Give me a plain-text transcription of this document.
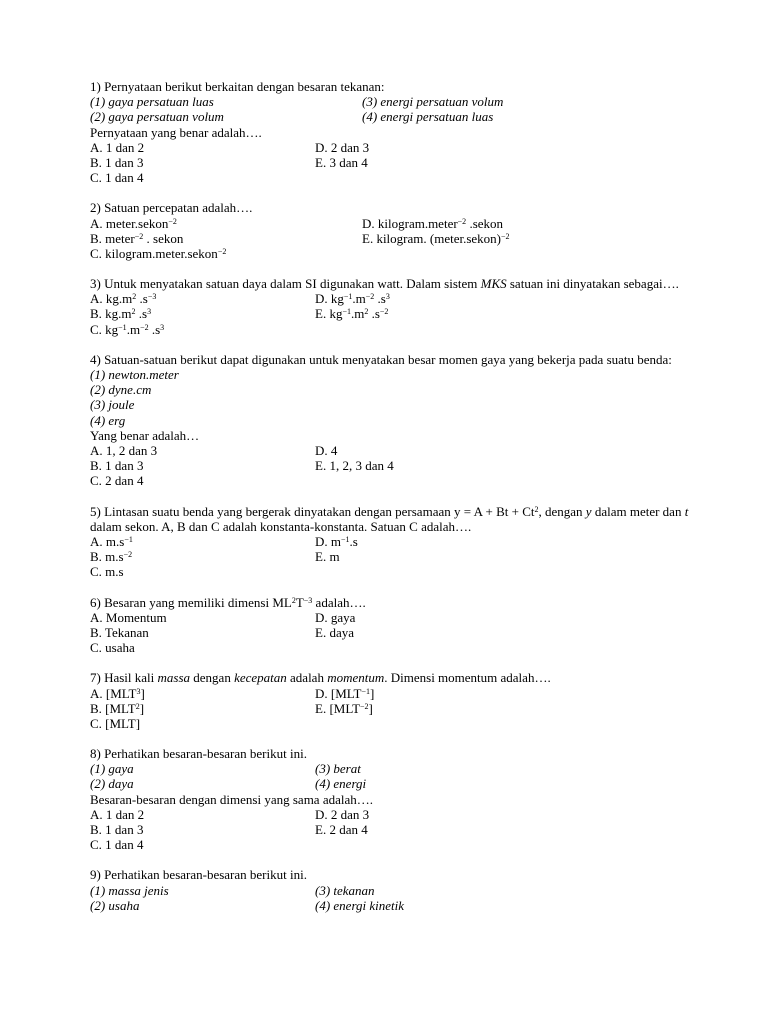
1) Pernyataan berikut berkaitan dengan besaran tekanan:
(1) gaya persatuan luas	(3) energi persatuan volum
(2) gaya persatuan volum	(4) energi persatuan luas
Pernyataan yang benar adalah….
A. 1 dan 2	D. 2 dan 3
B. 1 dan 3	E. 3 dan 4
C. 1 dan 4
2) Satuan percepatan adalah….
A. meter.sekon$^{-2}$	D. kilogram.meter$^{-2}$ .sekon
B. meter$^{-2}$ . sekon	E. kilogram. (meter.sekon)$^{-2}$
C. kilogram.meter.sekon$^{-2}$
3) Untuk menyatakan satuan daya dalam SI digunakan watt. Dalam sistem MKS satuan ini dinyatakan sebagai….
A. $kg.m^2$ $.s^{-3}$	D. $kg^{-1}.m^{-2}$ $.s^3$
B. $kg.m^2$ $.s^3$	E. $kg^{-1}.m^2$ $.s^{-2}$
C. $kg^{-1}.m^{-2}$ $.s^3$
4) Satuan-satuan berikut dapat digunakan untuk menyatakan besar momen gaya yang bekerja pada suatu benda:
(1) newton.meter
(2) dyne.cm
(3) joule
(4) erg
Yang benar adalah…
A. 1, 2 dan 3	D. 4
B. 1 dan 3	E. 1, 2, 3 dan 4
C. 2 dan 4
5) Lintasan suatu benda yang bergerak dinyatakan dengan persamaan $y = A + Bt + Ct^2$, dengan y dalam meter dan t dalam sekon. A, B dan C adalah konstanta-konstanta. Satuan C adalah….
A. $m.s^{-1}$	D. $m^{-1}.s$
B. $m.s^{-2}$	E. m
C. m.s
6) Besaran yang memiliki dimensi $ML^2T^{-3}$ adalah….
A. Momentum	D. gaya
B. Tekanan	E. daya
C. usaha
7) Hasil kali massa dengan kecepatan adalah momentum. Dimensi momentum adalah….
A. [MLT$^3$]	D. $[MLT^{-1}]$
B. [MLT$^2$]	E. $[MLT^{-2}]$
C. [MLT]
8) Perhatikan besaran-besaran berikut ini.
(1) gaya	(3) berat
(2) daya	(4) energi
Besaran-besaran dengan dimensi yang sama adalah….
A. 1 dan 2	D. 2 dan 3
B. 1 dan 3	E. 2 dan 4
C. 1 dan 4
9) Perhatikan besaran-besaran berikut ini.
(1) massa jenis	(3) tekanan
(2) usaha	(4) energi kinetik
